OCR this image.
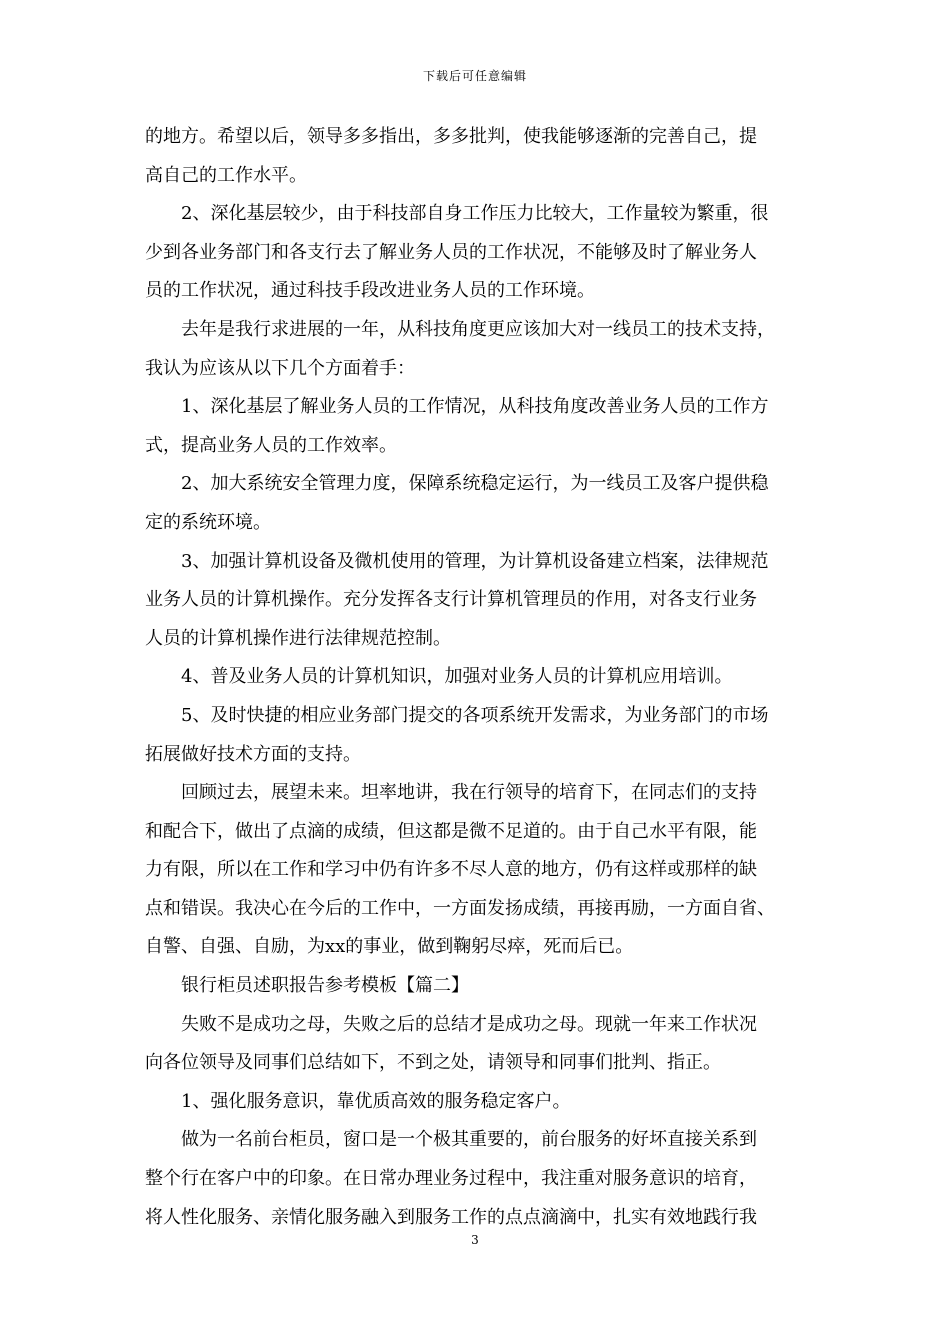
下载后可任意编辑
的地方。希望以后，领导多多指出，多多批判，使我能够逐渐的完善自己，提
高自己的工作水平。
2、深化基层较少，由于科技部自身工作压力比较大，工作量较为繁重，很
少到各业务部门和各支行去了解业务人员的工作状况，不能够及时了解业务人
员的工作状况，通过科技手段改进业务人员的工作环境。
去年是我行求进展的一年，从科技角度更应该加大对一线员工的技术支持，
我认为应该从以下几个方面着手：
1、深化基层了解业务人员的工作情况，从科技角度改善业务人员的工作方
式，提高业务人员的工作效率。
2、加大系统安全管理力度，保障系统稳定运行，为一线员工及客户提供稳
定的系统环境。
3、加强计算机设备及微机使用的管理，为计算机设备建立档案，法律规范
业务人员的计算机操作。充分发挥各支行计算机管理员的作用，对各支行业务
人员的计算机操作进行法律规范控制。
4、普及业务人员的计算机知识，加强对业务人员的计算机应用培训。
5、及时快捷的相应业务部门提交的各项系统开发需求，为业务部门的市场
拓展做好技术方面的支持。
回顾过去，展望未来。坦率地讲，我在行领导的培育下，在同志们的支持
和配合下，做出了点滴的成绩，但这都是微不足道的。由于自己水平有限，能
力有限，所以在工作和学习中仍有许多不尽人意的地方，仍有这样或那样的缺
点和错误。我决心在今后的工作中，一方面发扬成绩，再接再励，一方面自省、
自警、自强、自励，为xx的事业，做到鞠躬尽瘁，死而后已。
银行柜员述职报告参考模板【篇二】
失败不是成功之母，失败之后的总结才是成功之母。现就一年来工作状况
向各位领导及同事们总结如下，不到之处，请领导和同事们批判、指正。
1、强化服务意识，靠优质高效的服务稳定客户。
做为一名前台柜员，窗口是一个极其重要的，前台服务的好坏直接关系到
整个行在客户中的印象。在日常办理业务过程中，我注重对服务意识的培育，
将人性化服务、亲情化服务融入到服务工作的点点滴滴中，扎实有效地践行我
3
